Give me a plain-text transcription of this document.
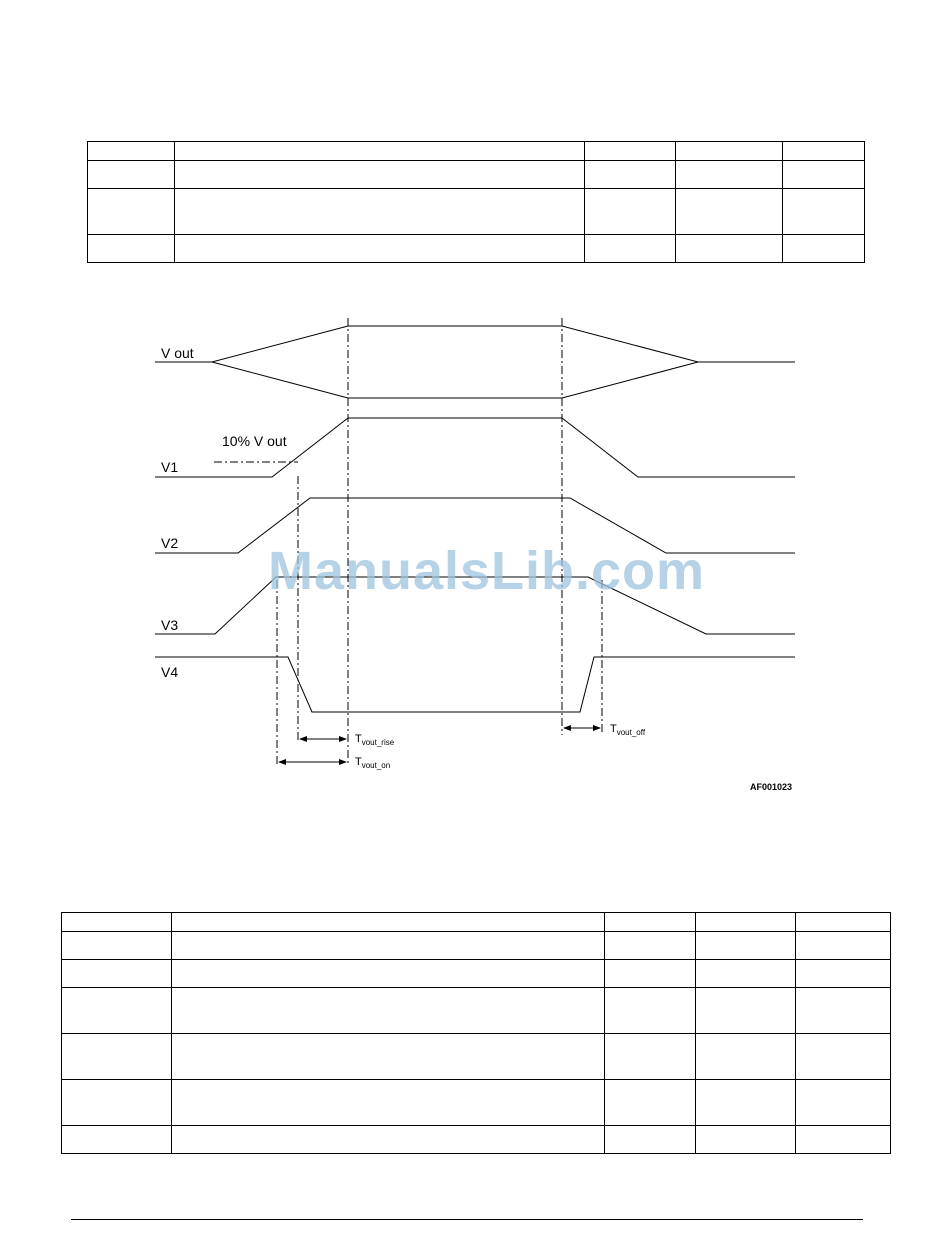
V out
V1
V2
V3
V4
10% V out
$T_{vout\_rise}$
$T_{vout\_on}$
$T_{vout\_off}$
AF001023
ManualsLib.com
